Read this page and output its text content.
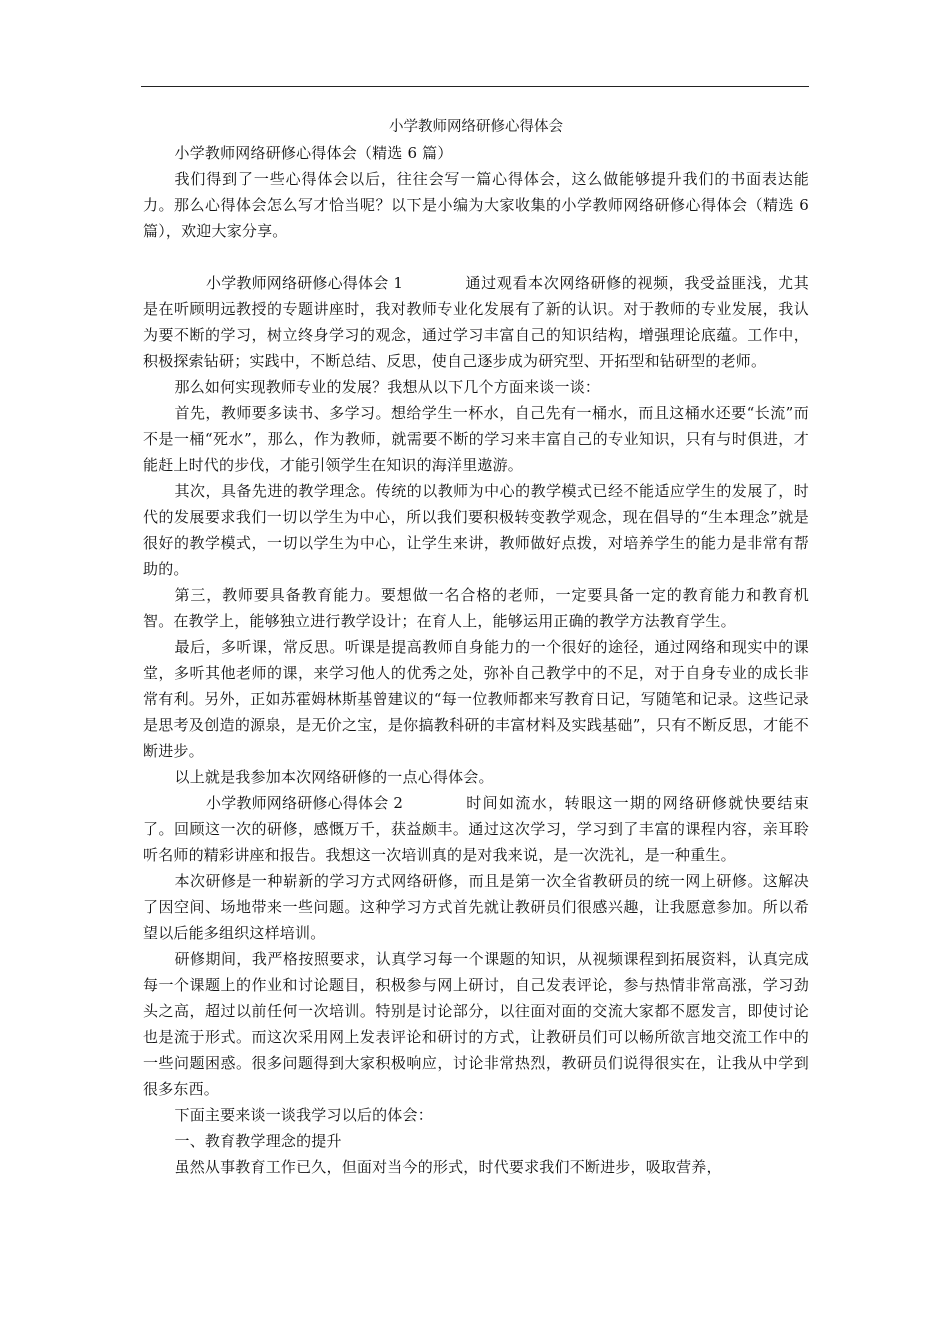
小学教师网络研修心得体会

小学教师网络研修心得体会（精选 6 篇）

我们得到了一些心得体会以后，往往会写一篇心得体会，这么做能够提升我们的书面表达能力。那么心得体会怎么写才恰当呢？以下是小编为大家收集的小学教师网络研修心得体会（精选 6 篇），欢迎大家分享。

小学教师网络研修心得体会 1	通过观看本次网络研修的视频，我受益匪浅，尤其是在听顾明远教授的专题讲座时，我对教师专业化发展有了新的认识。对于教师的专业发展，我认为要不断的学习，树立终身学习的观念，通过学习丰富自己的知识结构，增强理论底蕴。工作中，积极探索钻研；实践中，不断总结、反思，使自己逐步成为研究型、开拓型和钻研型的老师。

那么如何实现教师专业的发展？我想从以下几个方面来谈一谈：

首先，教师要多读书、多学习。想给学生一杯水，自己先有一桶水，而且这桶水还要“长流”而不是一桶“死水”，那么，作为教师，就需要不断的学习来丰富自己的专业知识，只有与时俱进，才能赶上时代的步伐，才能引领学生在知识的海洋里遨游。

其次，具备先进的教学理念。传统的以教师为中心的教学模式已经不能适应学生的发展了，时代的发展要求我们一切以学生为中心，所以我们要积极转变教学观念，现在倡导的“生本理念”就是很好的教学模式，一切以学生为中心，让学生来讲，教师做好点拨，对培养学生的能力是非常有帮助的。

第三，教师要具备教育能力。要想做一名合格的老师，一定要具备一定的教育能力和教育机智。在教学上，能够独立进行教学设计；在育人上，能够运用正确的教学方法教育学生。

最后，多听课，常反思。听课是提高教师自身能力的一个很好的途径，通过网络和现实中的课堂，多听其他老师的课，来学习他人的优秀之处，弥补自己教学中的不足，对于自身专业的成长非常有利。另外，正如苏霍姆林斯基曾建议的“每一位教师都来写教育日记，写随笔和记录。这些记录是思考及创造的源泉，是无价之宝，是你搞教科研的丰富材料及实践基础”，只有不断反思，才能不断进步。

以上就是我参加本次网络研修的一点心得体会。

小学教师网络研修心得体会 2	时间如流水，转眼这一期的网络研修就快要结束了。回顾这一次的研修，感慨万千，获益颇丰。通过这次学习，学习到了丰富的课程内容，亲耳聆听名师的精彩讲座和报告。我想这一次培训真的是对我来说，是一次洗礼，是一种重生。

本次研修是一种崭新的学习方式网络研修，而且是第一次全省教研员的统一网上研修。这解决了因空间、场地带来一些问题。这种学习方式首先就让教研员们很感兴趣，让我愿意参加。所以希望以后能多组织这样培训。

研修期间，我严格按照要求，认真学习每一个课题的知识，从视频课程到拓展资料，认真完成每一个课题上的作业和讨论题目，积极参与网上研讨，自己发表评论，参与热情非常高涨，学习劲头之高，超过以前任何一次培训。特别是讨论部分，以往面对面的交流大家都不愿发言，即使讨论也是流于形式。而这次采用网上发表评论和研讨的方式，让教研员们可以畅所欲言地交流工作中的一些问题困惑。很多问题得到大家积极响应，讨论非常热烈，教研员们说得很实在，让我从中学到很多东西。

下面主要来谈一谈我学习以后的体会：

一、教育教学理念的提升

虽然从事教育工作已久，但面对当今的形式，时代要求我们不断进步，吸取营养，
